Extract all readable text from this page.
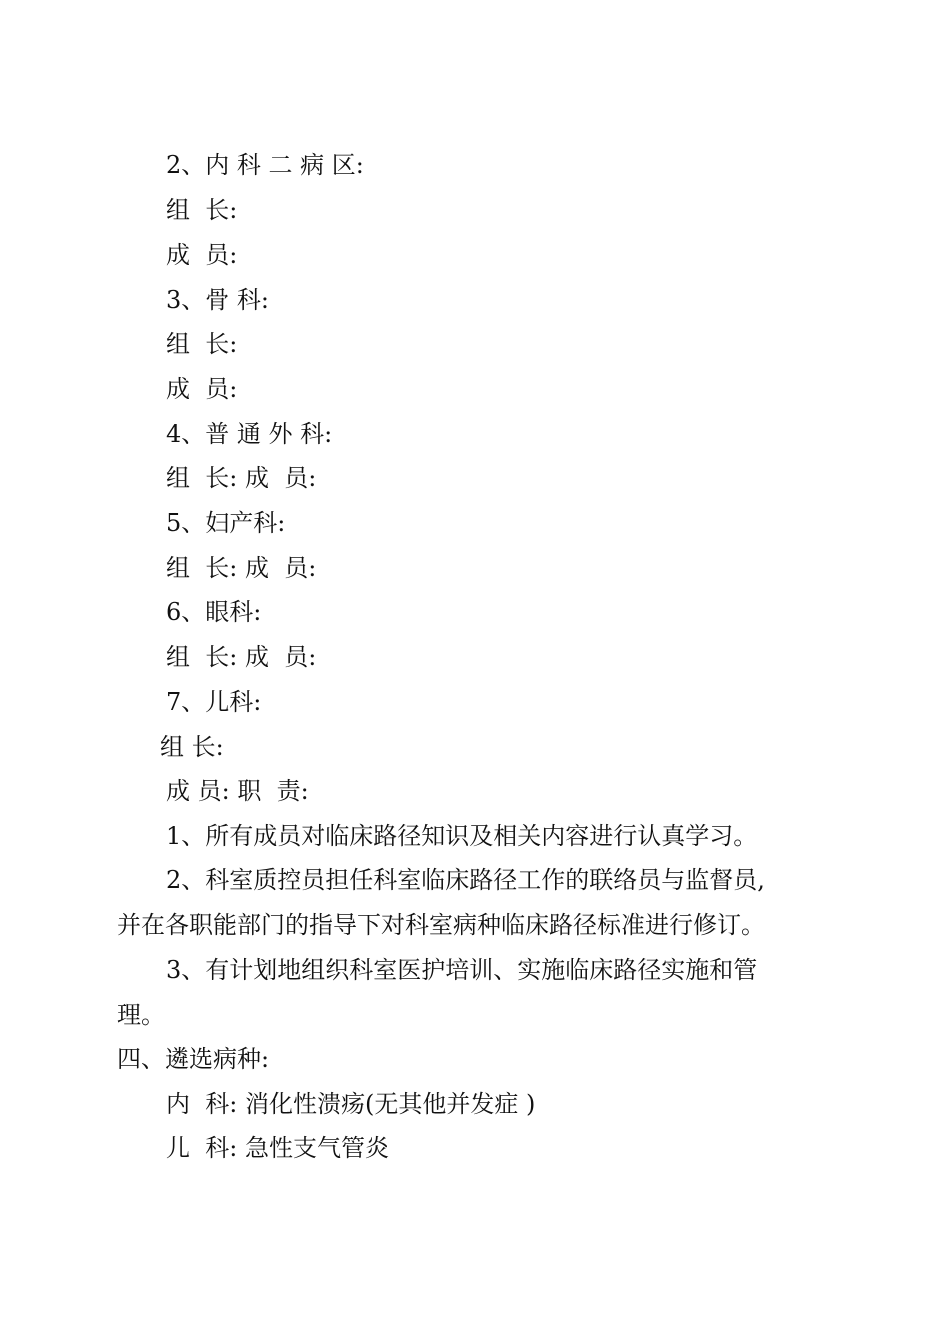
2、内 科 二 病 区:
组  长:
成  员:
3、骨 科:
组  长:
成  员:
4、普 通 外 科:
组  长: 成  员:
5、妇产科:
组  长: 成  员:
6、眼科:
组  长: 成  员:
7、儿科:
组 长:
成 员: 职  责:
1、所有成员对临床路径知识及相关内容进行认真学习。
2、科室质控员担任科室临床路径工作的联络员与监督员,
并在各职能部门的指导下对科室病种临床路径标准进行修订。
3、有计划地组织科室医护培训、实施临床路径实施和管
理。
四、遴选病种:
内  科: 消化性溃疡(无其他并发症 )
儿  科: 急性支气管炎
